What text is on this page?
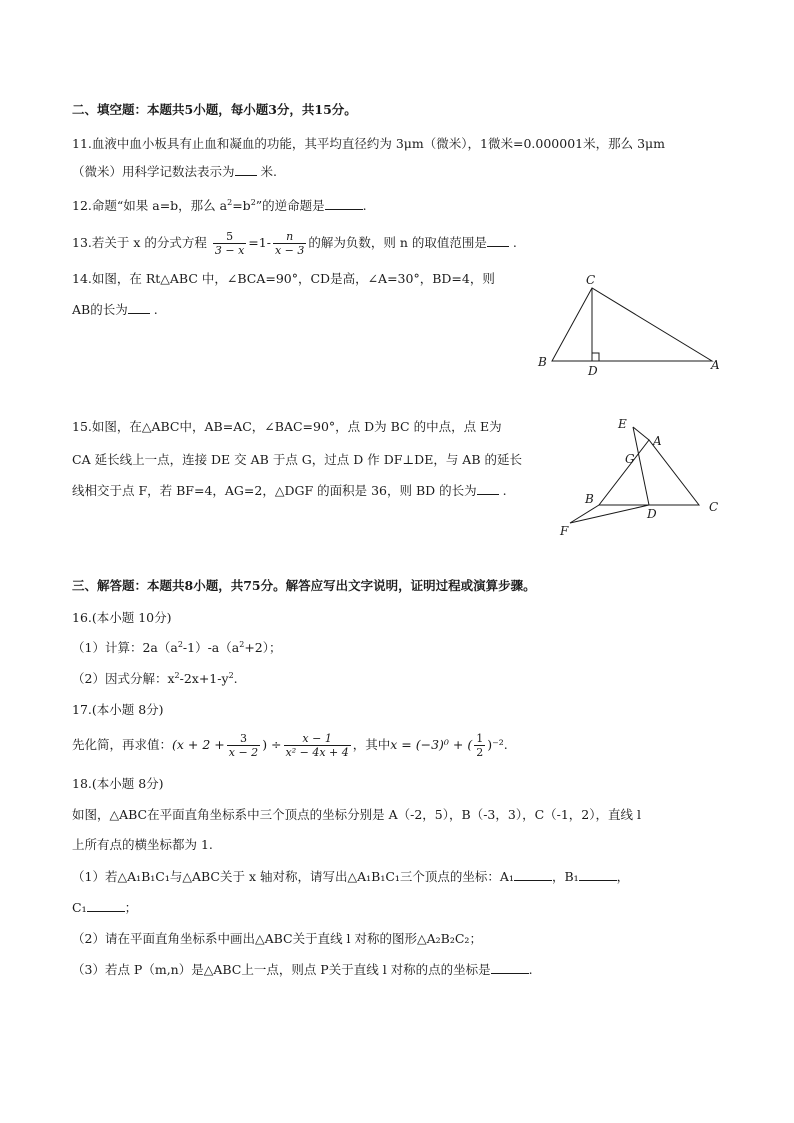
二、填空题：本题共5小题，每小题3分，共15分。
11.血液中血小板具有止血和凝血的功能，其平均直径约为 3μm（微米），1微米=0.000001米，那么 3μm
（微米）用科学记数法表示为 米.
12.命题“如果 a=b，那么 $a^2=b^2$”的逆命题是	.
13.若关于 x 的分式方程 $\frac{5}{3 - x} =1- \frac{n}{x - 3}$ 的解为负数，则 n 的取值范围是 .
14.如图，在 Rt△ABC 中，∠BCA=90°，CD是高，∠A=30°，BD=4，则
AB的长为 .
C
B
D	A
15.如图，在△ABC中，AB=AC，∠BAC=90°，点 D为 BC 的中点，点 E为
CA 延长线上一点，连接 DE 交 AB 于点 G，过点 D 作 DF⊥DE，与 AB 的延长
线相交于点 F，若 BF=4，AG=2，△DGF 的面积是 36，则 BD 的长为 .
E
A
G
B
D	C
F
三、解答题：本题共8小题，共75分。解答应写出文字说明，证明过程或演算步骤。
16.(本小题 10分)
（1）计算：$2a(a^2-1)-a(a^2+2)$；
（2）因式分解：$x^2-2x+1-y^2$.
17.(本小题 8分)
先化简，再求值：($x + 2 + \frac{3}{x - 2}$ ) ÷ $\frac{x - 1}{\text{x² − 4x + 4}}$ ，其中x = (−3)⁰ + ( $\frac{1}{2} )^{-2}$.
18.(本小题 8分)
如图，△ABC在平面直角坐标系中三个顶点的坐标分别是 A（-2，5），B（-3，3），C（-1，2），直线 l
上所有点的横坐标都为 1.
（1）若△A₁B₁C₁与△ABC关于 x 轴对称，请写出△A₁B₁C₁三个顶点的坐标：A₁	，B₁	，
C₁	；
（2）请在平面直角坐标系中画出△ABC关于直线 l 对称的图形△A₂B₂C₂；
（3）若点 P（m,n）是△ABC上一点，则点 P关于直线 l 对称的点的坐标是	.
